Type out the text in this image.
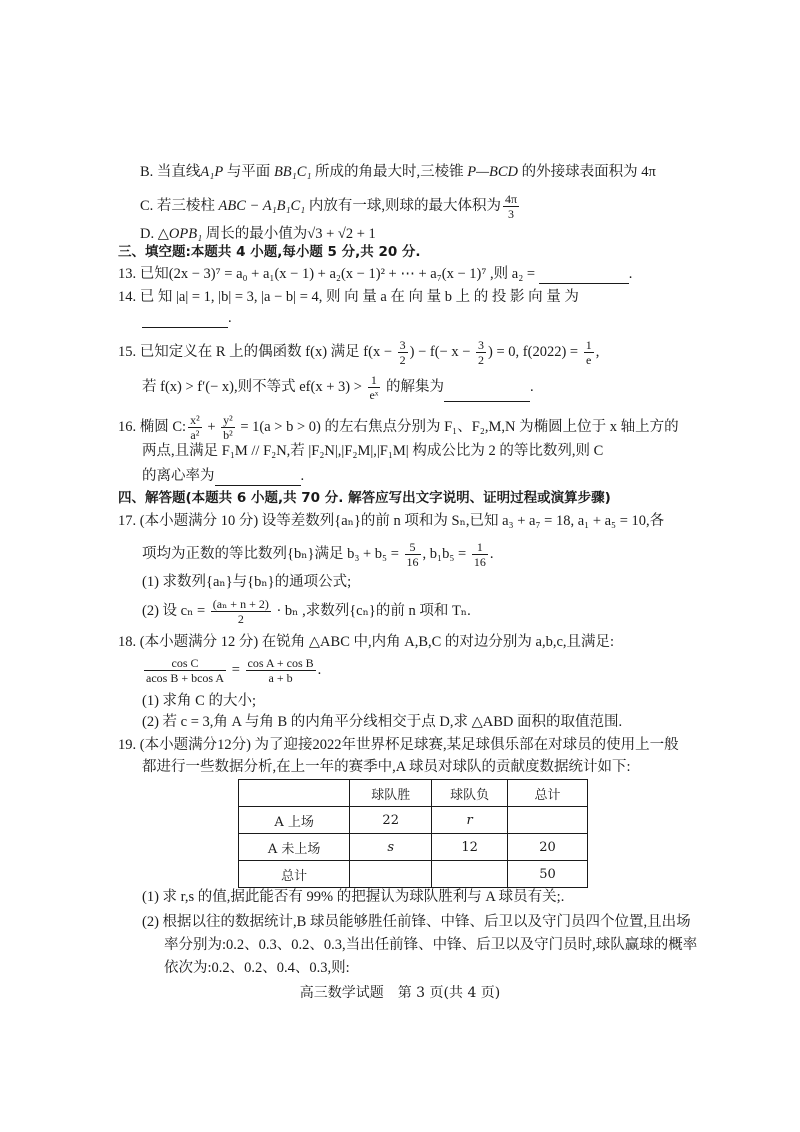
B. 当直线A₁P 与平面 BB₁C₁ 所成的角最大时,三棱锥 P—BCD 的外接球表面积为 4π
C. 若三棱柱 ABC − A₁B₁C₁ 内放有一球,则球的最大体积为 $\frac{4\pi}{3}$
D. △OPB₁ 周长的最小值为√3 + √2 + 1
三、填空题:本题共 4 小题,每小题 5 分,共 20 分.
13. 已知(2x − 3)⁷ = a₀ + a₁(x − 1) + a₂(x − 1)² + ⋯ + a₇(x − 1)⁷ ,则 a₂ =	.
14. 已 知 |a| = 1, |b| = 3, |a − b| = 4, 则 向 量 a 在 向 量 b 上 的 投 影 向 量 为
.
15. 已知定义在 R 上的偶函数 f(x) 满足 $f(x - \frac{3}{2}$ ) − $f(- x - \frac{3}{2}$ ) = 0, $f(2022) = \frac{1}{e}$ ,
若 f(x) > f′(− x),则不等式 $ef(x + 3) > \frac{1}{\text{eˣ}}$ 的解集为	.
16. 椭圆 C: $\frac{\text{x²}}{\text{a²}} + \frac{\text{y²}}{\text{b²}} = 1(a > b > 0)$ 的左右焦点分别为 F₁、F₂,M,N 为椭圆上位于 x 轴上方的
两点,且满足 F₁M // F₂N,若 |F₂N|,|F₂M|,|F₁M| 构成公比为 2 的等比数列,则 C
的离心率为	.
四、解答题(本题共 6 小题,共 70 分. 解答应写出文字说明、证明过程或演算步骤)
17. (本小题满分 10 分) 设等差数列{aₙ}的前 n 项和为 Sₙ,已知 a₃ + a₇ = 18, a₁ + a₅ = 10,各
项均为正数的等比数列{bₙ}满足 $b_3 + b_5 = \frac{5}{16}$ , $b_1b_5 = \frac{1}{16}$ .
(1) 求数列{aₙ}与{bₙ}的通项公式;
(2) 设 $c_n = \frac{\text{(aₙ + n + 2)}}{2} \cdot b_n$ ,求数列{cₙ}的前 n 项和 Tₙ.
18. (本小题满分 12 分) 在锐角 △ABC 中,内角 A,B,C 的对边分别为 a,b,c,且满足:
$\frac{\text{cos C}}{\text{acos B + bcos A}} = \frac{\text{cos A + cos B}}{a + b}$ .
(1) 求角 C 的大小;
(2) 若 c = 3,角 A 与角 B 的内角平分线相交于点 D,求 △ABD 面积的取值范围.
19. (本小题满分12分) 为了迎接2022年世界杯足球赛,某足球俱乐部在对球员的使用上一般
都进行一些数据分析,在上一年的赛季中,A 球员对球队的贡献度数据统计如下:
	球队胜	球队负	总计
A 上场	22	r	
A 未上场	s	12	20
总计			50
(1) 求 r,s 的值,据此能否有 99% 的把握认为球队胜利与 A 球员有关;.
(2) 根据以往的数据统计,B 球员能够胜任前锋、中锋、后卫以及守门员四个位置,且出场
率分别为:0.2、0.3、0.2、0.3,当出任前锋、中锋、后卫以及守门员时,球队赢球的概率
依次为:0.2、0.2、0.4、0.3,则:
高三数学试题　第 3 页(共 4 页)
